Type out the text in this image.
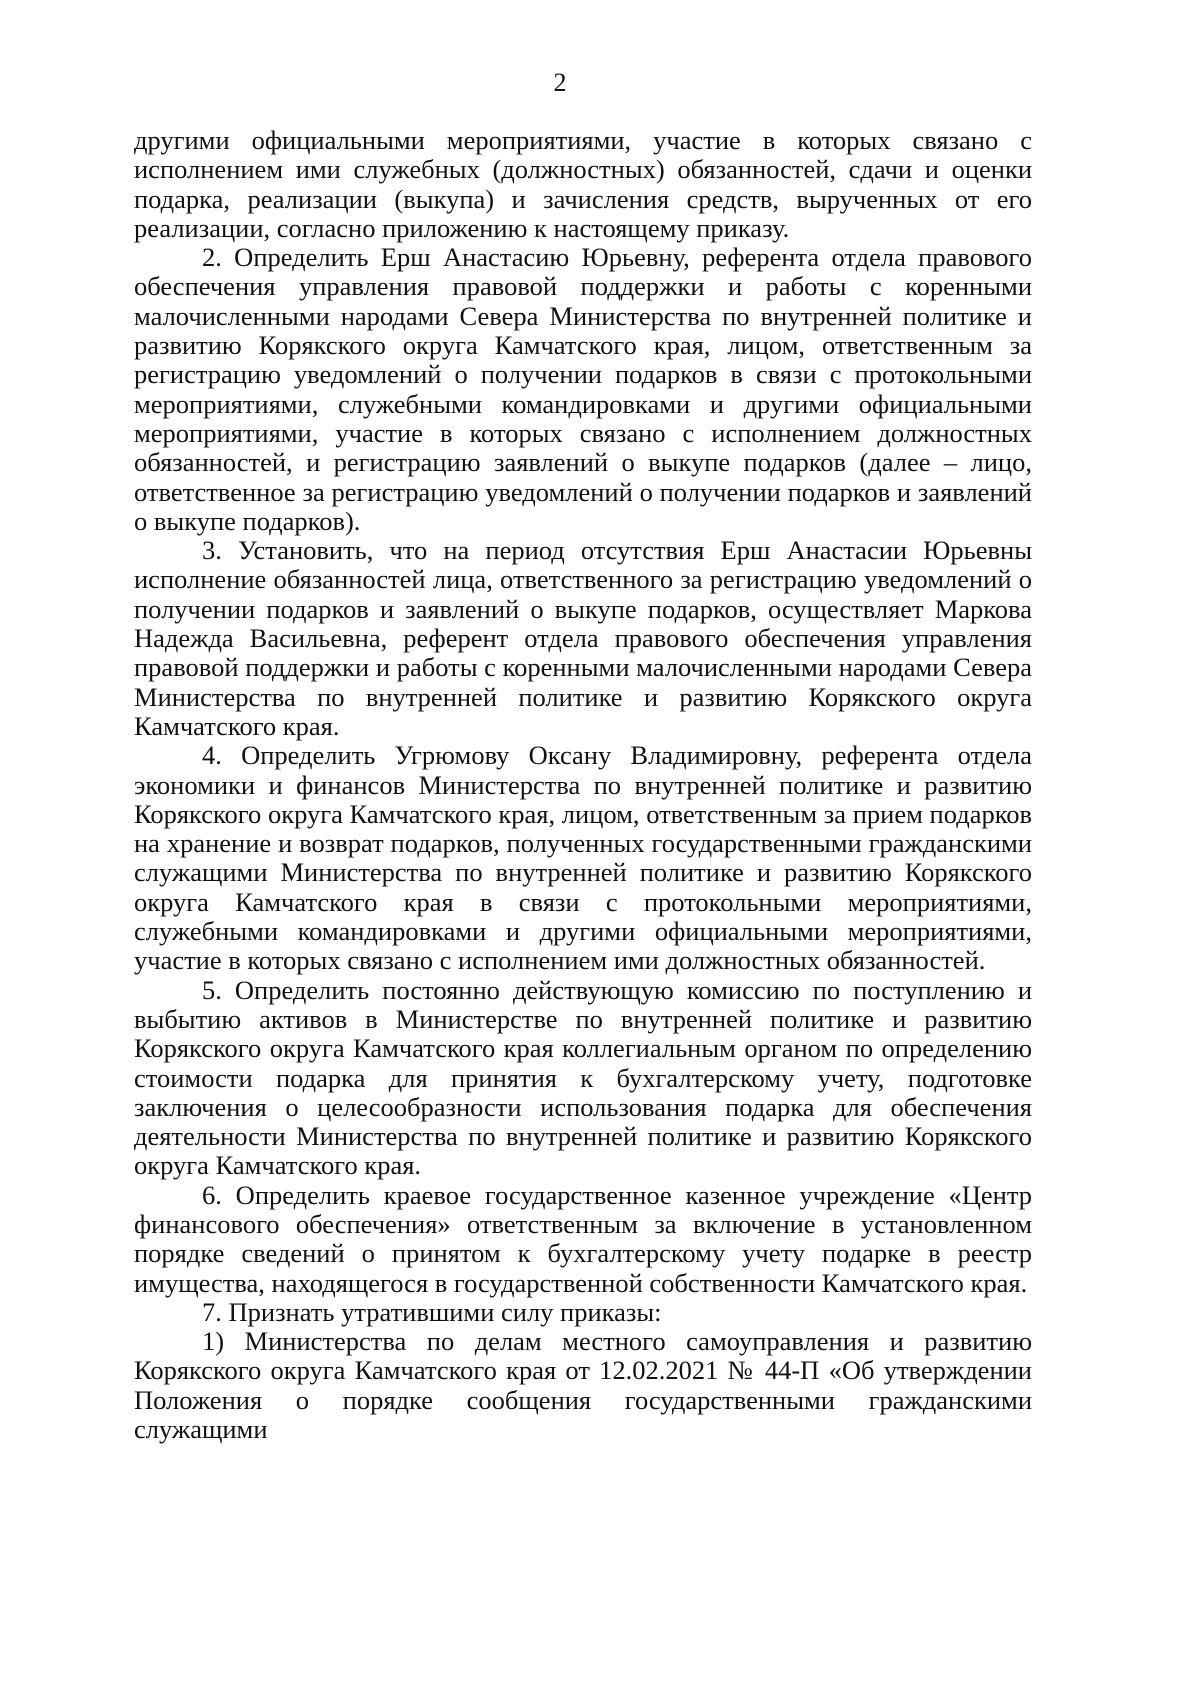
2

другими официальными мероприятиями, участие в которых связано с исполнением ими служебных (должностных) обязанностей, сдачи и оценки подарка, реализации (выкупа) и зачисления средств, вырученных от его реализации, согласно приложению к настоящему приказу.

2. Определить Ерш Анастасию Юрьевну, референта отдела правового обеспечения управления правовой поддержки и работы с коренными малочисленными народами Севера Министерства по внутренней политике и развитию Корякского округа Камчатского края, лицом, ответственным за регистрацию уведомлений о получении подарков в связи с протокольными мероприятиями, служебными командировками и другими официальными мероприятиями, участие в которых связано с исполнением должностных обязанностей, и регистрацию заявлений о выкупе подарков (далее – лицо, ответственное за регистрацию уведомлений о получении подарков и заявлений о выкупе подарков).

3. Установить, что на период отсутствия Ерш Анастасии Юрьевны исполнение обязанностей лица, ответственного за регистрацию уведомлений о получении подарков и заявлений о выкупе подарков, осуществляет Маркова Надежда Васильевна, референт отдела правового обеспечения управления правовой поддержки и работы с коренными малочисленными народами Севера Министерства по внутренней политике и развитию Корякского округа Камчатского края.

4. Определить Угрюмову Оксану Владимировну, референта отдела экономики и финансов Министерства по внутренней политике и развитию Корякского округа Камчатского края, лицом, ответственным за прием подарков на хранение и возврат подарков, полученных государственными гражданскими служащими Министерства по внутренней политике и развитию Корякского округа Камчатского края в связи с протокольными мероприятиями, служебными командировками и другими официальными мероприятиями, участие в которых связано с исполнением ими должностных обязанностей.

5. Определить постоянно действующую комиссию по поступлению и выбытию активов в Министерстве по внутренней политике и развитию Корякского округа Камчатского края коллегиальным органом по определению стоимости подарка для принятия к бухгалтерскому учету, подготовке заключения о целесообразности использования подарка для обеспечения деятельности Министерства по внутренней политике и развитию Корякского округа Камчатского края.

6. Определить краевое государственное казенное учреждение «Центр финансового обеспечения» ответственным за включение в установленном порядке сведений о принятом к бухгалтерскому учету подарке в реестр имущества, находящегося в государственной собственности Камчатского края.

7. Признать утратившими силу приказы:

1) Министерства по делам местного самоуправления и развитию Корякского округа Камчатского края от 12.02.2021 № 44-П «Об утверждении Положения о порядке сообщения государственными гражданскими служащими
